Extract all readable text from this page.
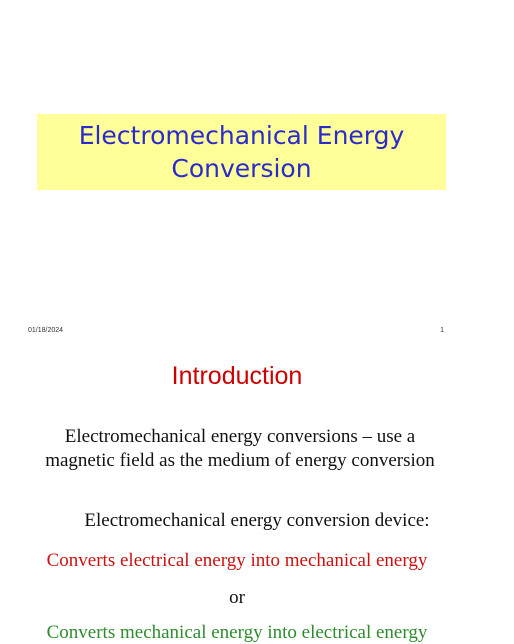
Electromechanical Energy
Conversion
01/18/2024	1
Introduction
Electromechanical energy conversions – use a magnetic field as the medium of energy conversion
Electromechanical energy conversion device:
Converts electrical energy into mechanical energy
or
Converts mechanical energy into electrical energy
